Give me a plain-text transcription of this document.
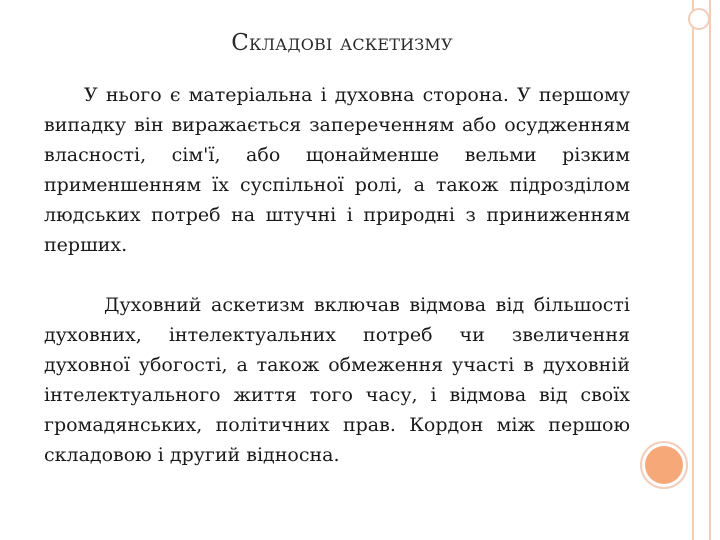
Складові аскетизму

У нього є матеріальна і духовна сторона. У першому випадку він виражається запереченням або осудженням власності, сім'ї, або щонайменше вельми різким применшенням їх суспільної ролі, а також підрозділом людських потреб на штучні і природні з приниженням перших.

Духовний аскетизм включав відмова від більшості духовних, інтелектуальних потреб чи звеличення духовної убогості, а також обмеження участі в духовній інтелектуального життя того часу, і відмова від своїх громадянських, політичних прав. Кордон між першою складовою і другий відносна.
